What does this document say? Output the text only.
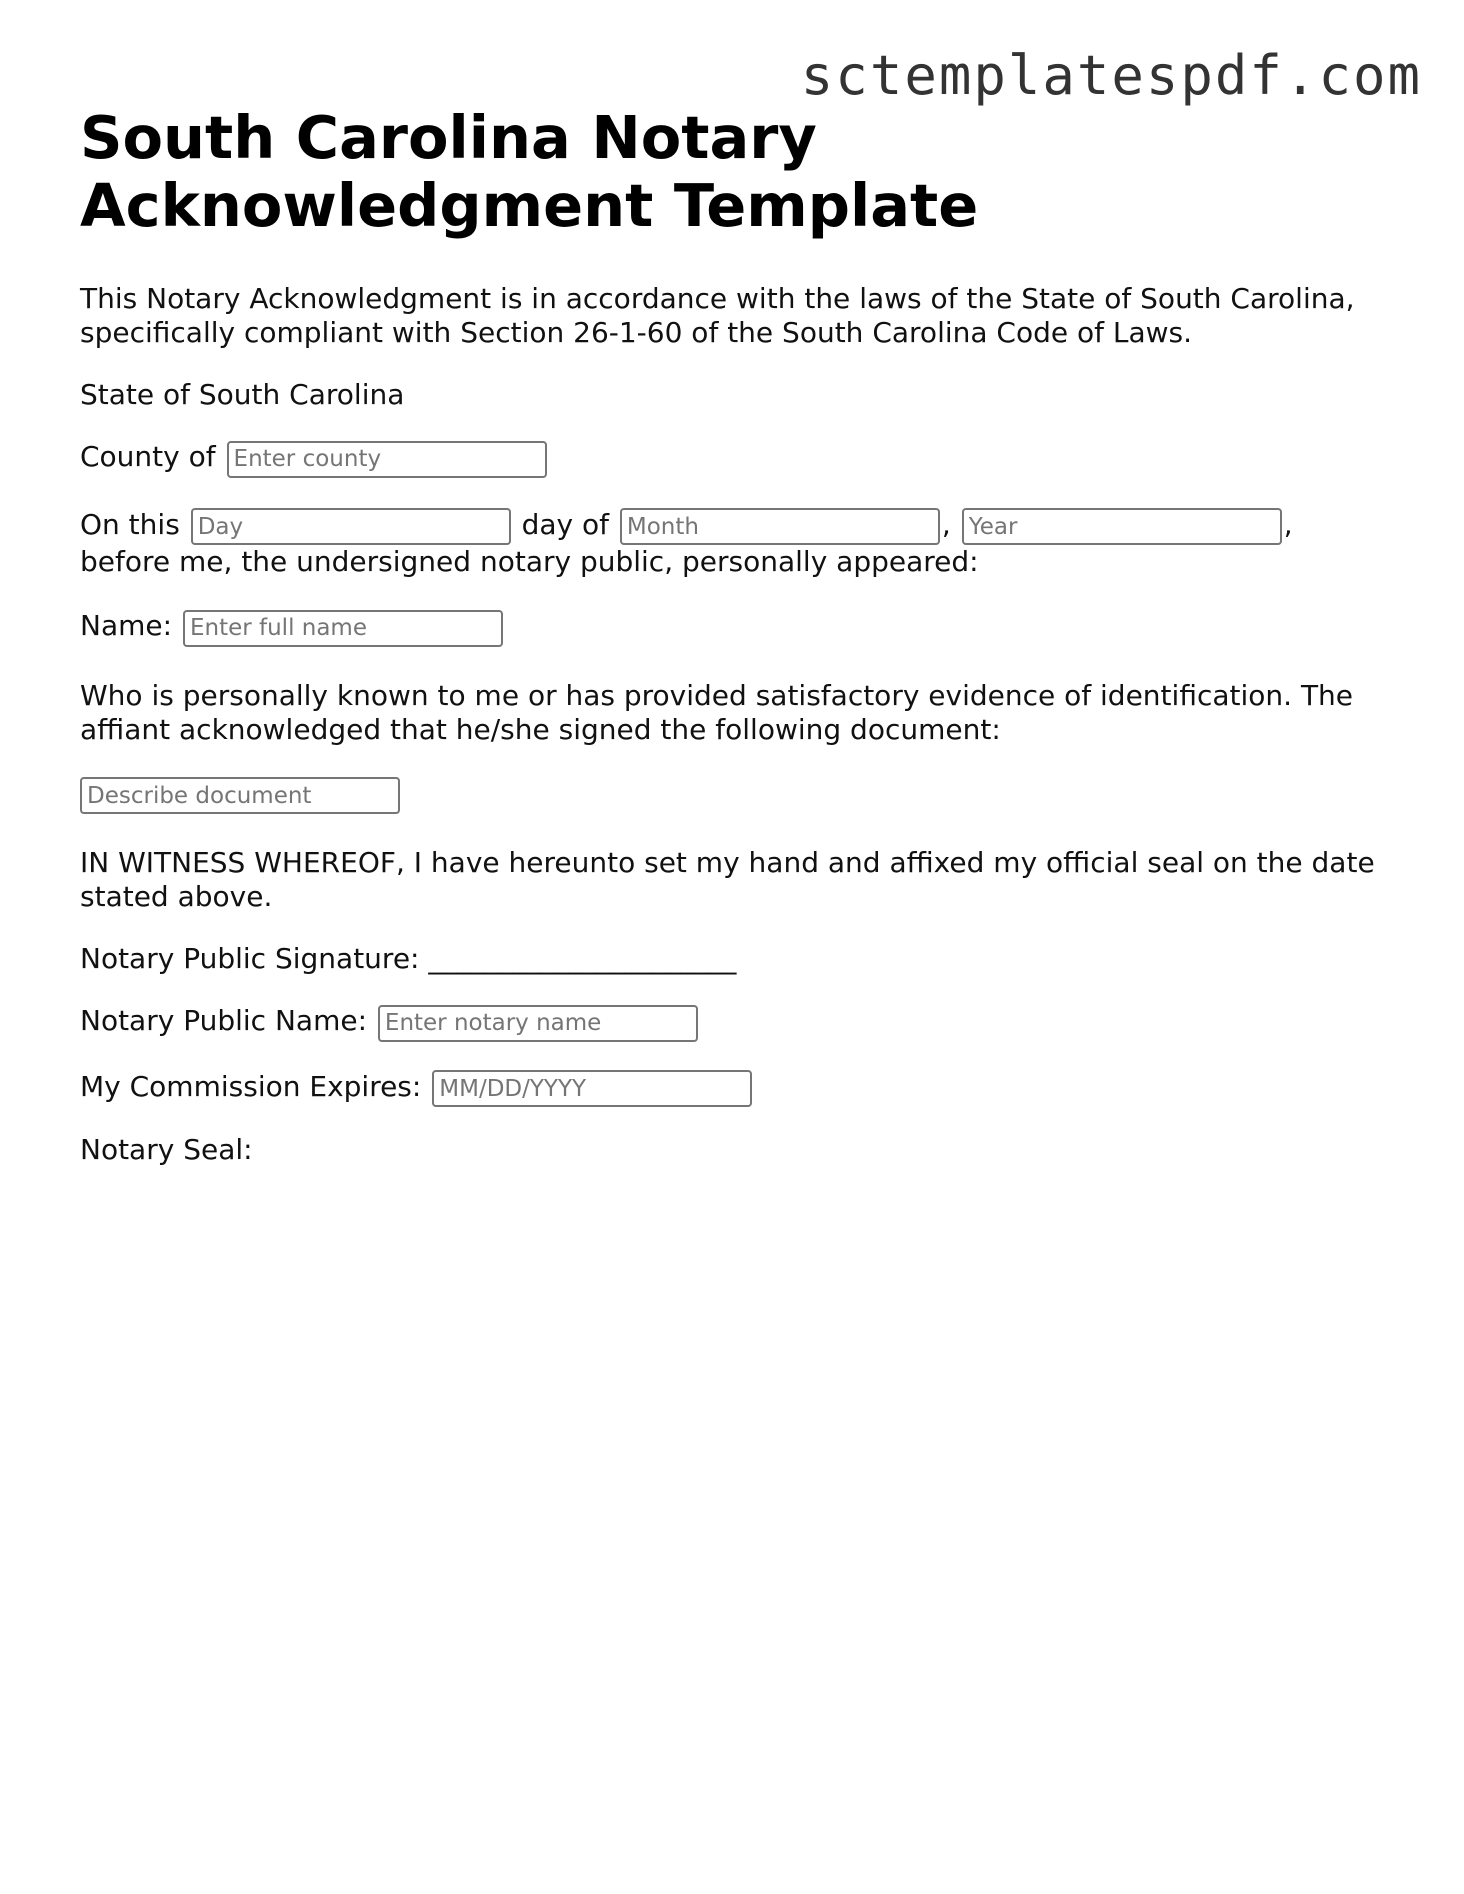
sctemplatespdf.com
South Carolina Notary Acknowledgment Template

This Notary Acknowledgment is in accordance with the laws of the State of South Carolina, specifically compliant with Section 26-1-60 of the South Carolina Code of Laws.

State of South Carolina

County of Enter county

On this Day	day of Month	, Year	,
before me, the undersigned notary public, personally appeared:

Name: Enter full name

Who is personally known to me or has provided satisfactory evidence of identification. The affiant acknowledged that he/she signed the following document:

Describe document

IN WITNESS WHEREOF, I have hereunto set my hand and affixed my official seal on the date stated above.

Notary Public Signature: ______________________

Notary Public Name: Enter notary name

My Commission Expires: MM/DD/YYYY

Notary Seal:
